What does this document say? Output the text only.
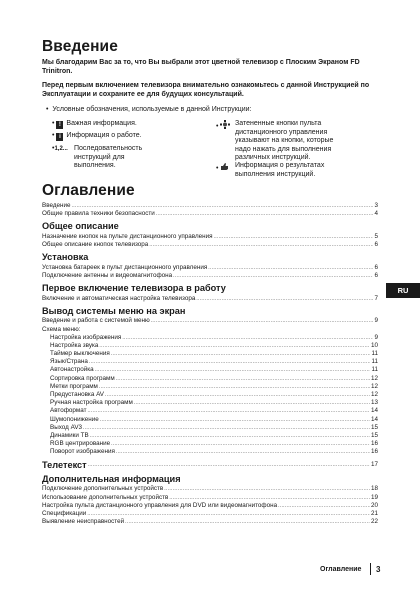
Введение
Мы благодарим Вас за то, что Вы выбрали этот цветной телевизор с Плоским Экраном FD Trinitron.
Перед первым включением телевизора внимательно ознакомьтесь с данной Инструкцией по Эксплуатации и сохраните ее для будущих консультаций.
•  Условные обозначения, используемые в данной Инструкции:
• ! Важная информация.
• i Информация о работе.
•1,2... Последовательность инструкций для выполнения.
•	Затененные кнопки пульта дистанционного управления указывают на кнопки, которые надо нажать для выполнения различных инструкций.
•	Информация о результатах выполнения инструкций.
Оглавление
Введение .....	3
Общие правила техники безопасности .....	4
Общее описание
Назначение кнопок на пульте дистанционного управления .....	5
Общее описание кнопок телевизора .....	6
Установка
Установка батареек в пульт дистанционного управления .....	6
Подключение антенны и видеомагнитофона .....	6
Первое включение телевизора в работу
Включение и автоматическая настройка телевизора .....	7
Вывод системы меню на экран
Введение и работа с системой меню .....	9
Схема меню:
Настройка изображения .....	9
Настройка звука .....	10
Таймер выключения .....	11
Язык/Страна .....	11
Автонастройка .....	11
Сортировка программ .....	12
Метки программ .....	12
Предустановка AV .....	12
Ручная настройка программ .....	13
Автоформат .....	14
Шумопонижение .....	14
Выход AV3 .....	15
Динамики ТВ .....	15
RGB центрирование .....	16
Поворот изображения .....	16
Телетекст .....	17
Дополнительная информация
Подключение дополнительных устройств .....	18
Использование дополнительных устройств .....	19
Настройка пульта дистанционного управления для DVD или видеомагнитофона .....	20
Спецификации .....	21
Выявление неисправностей .....	22
RU
Оглавление 3
